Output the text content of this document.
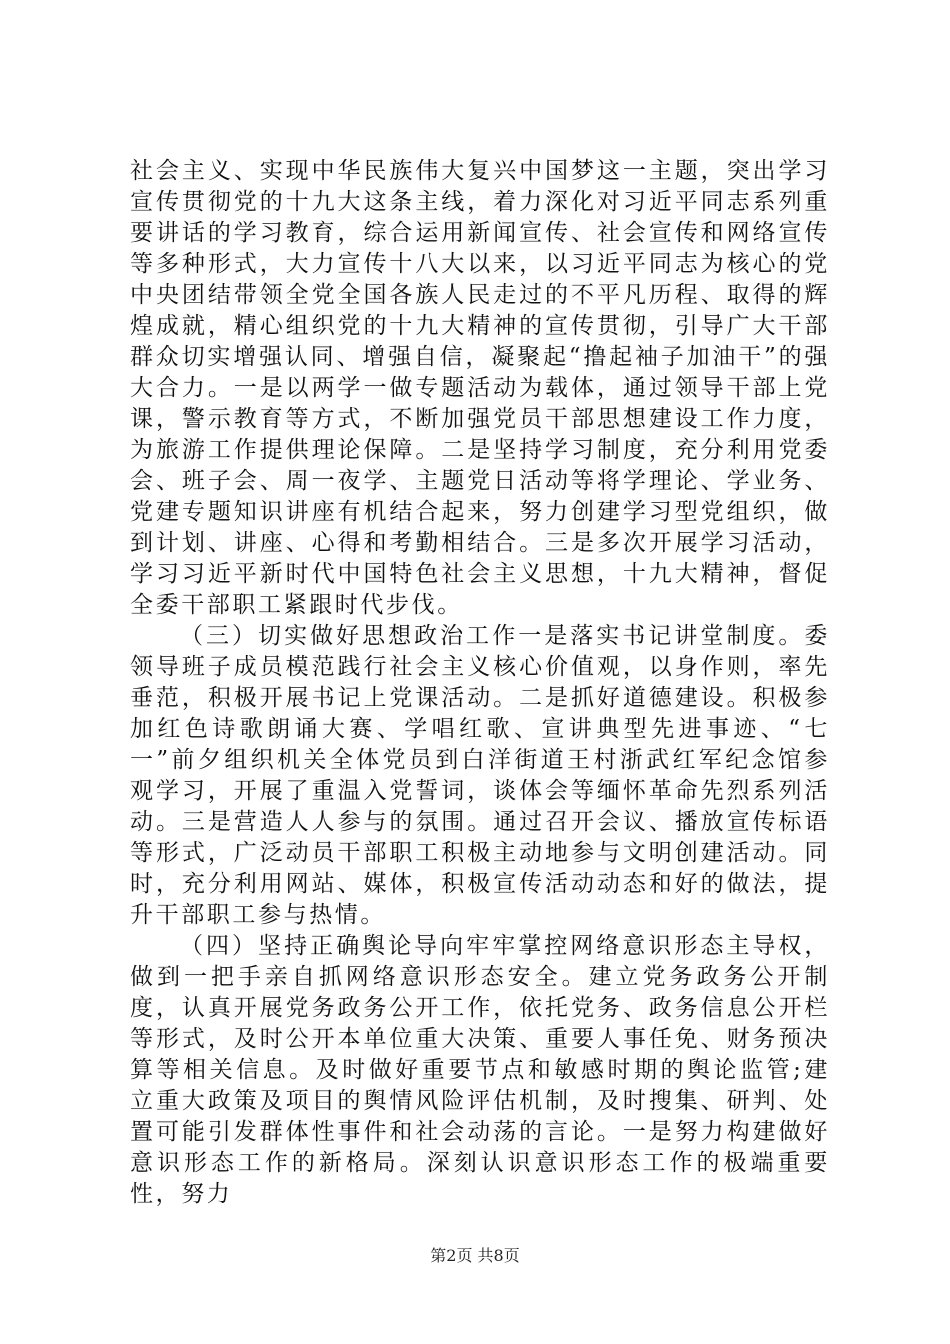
社会主义、实现中华民族伟大复兴中国梦这一主题，突出学习宣传贯彻党的十九大这条主线，着力深化对习近平同志系列重要讲话的学习教育，综合运用新闻宣传、社会宣传和网络宣传等多种形式，大力宣传十八大以来，以习近平同志为核心的党中央团结带领全党全国各族人民走过的不平凡历程、取得的辉煌成就，精心组织党的十九大精神的宣传贯彻，引导广大干部群众切实增强认同、增强自信，凝聚起“撸起袖子加油干”的强大合力。一是以两学一做专题活动为载体，通过领导干部上党课，警示教育等方式，不断加强党员干部思想建设工作力度，为旅游工作提供理论保障。二是坚持学习制度，充分利用党委会、班子会、周一夜学、主题党日活动等将学理论、学业务、党建专题知识讲座有机结合起来，努力创建学习型党组织，做到计划、讲座、心得和考勤相结合。三是多次开展学习活动，学习习近平新时代中国特色社会主义思想，十九大精神，督促全委干部职工紧跟时代步伐。

（三）切实做好思想政治工作一是落实书记讲堂制度。委领导班子成员模范践行社会主义核心价值观，以身作则，率先垂范，积极开展书记上党课活动。二是抓好道德建设。积极参加红色诗歌朗诵大赛、学唱红歌、宣讲典型先进事迹、“七一”前夕组织机关全体党员到白洋街道王村浙武红军纪念馆参观学习，开展了重温入党誓词，谈体会等缅怀革命先烈系列活动。三是营造人人参与的氛围。通过召开会议、播放宣传标语等形式，广泛动员干部职工积极主动地参与文明创建活动。同时，充分利用网站、媒体，积极宣传活动动态和好的做法，提升干部职工参与热情。

（四）坚持正确舆论导向牢牢掌控网络意识形态主导权，做到一把手亲自抓网络意识形态安全。建立党务政务公开制度，认真开展党务政务公开工作，依托党务、政务信息公开栏等形式，及时公开本单位重大决策、重要人事任免、财务预决算等相关信息。及时做好重要节点和敏感时期的舆论监管;建立重大政策及项目的舆情风险评估机制，及时搜集、研判、处置可能引发群体性事件和社会动荡的言论。一是努力构建做好意识形态工作的新格局。深刻认识意识形态工作的极端重要性，努力

第2页 共8页
